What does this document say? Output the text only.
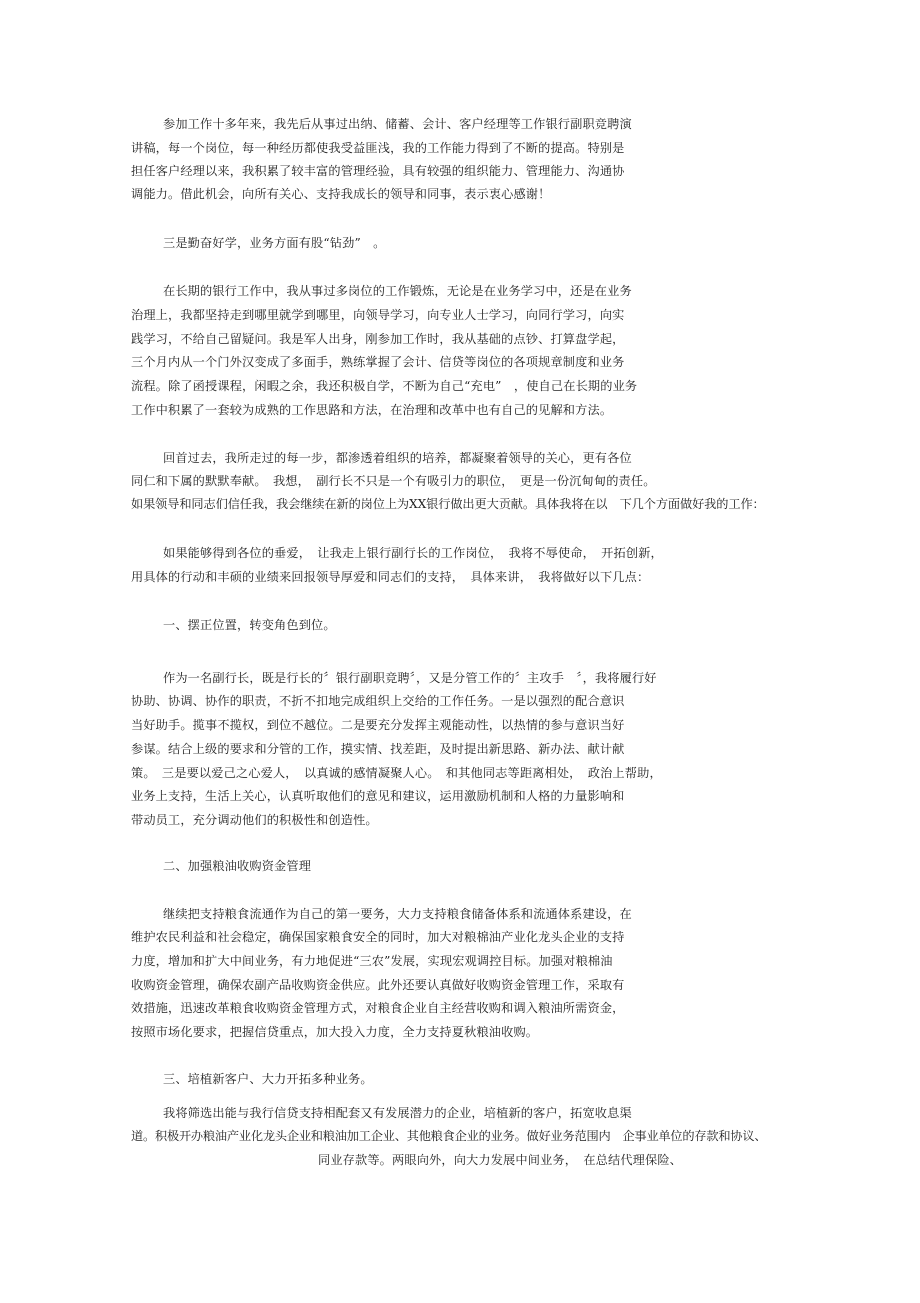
参加工作十多年来，我先后从事过出纳、储蓄、会计、客户经理等工作银行副职竞聘演
讲稿，每一个岗位，每一种经历都使我受益匪浅，我的工作能力得到了不断的提高。特别是
担任客户经理以来，我积累了较丰富的管理经验，具有较强的组织能力、管理能力、沟通协
调能力。借此机会，向所有关心、支持我成长的领导和同事，表示衷心感谢！
三是勤奋好学，业务方面有股“钻劲”　。
在长期的银行工作中，我从事过多岗位的工作锻炼，无论是在业务学习中，还是在业务
治理上，我都坚持走到哪里就学到哪里，向领导学习，向专业人士学习，向同行学习，向实
践学习，不给自己留疑问。我是军人出身，刚参加工作时，我从基础的点钞、打算盘学起，
三个月内从一个门外汉变成了多面手，熟练掌握了会计、信贷等岗位的各项规章制度和业务
流程。除了函授课程，闲暇之余，我还积极自学，不断为自己“充电”　，使自己在长期的业务
工作中积累了一套较为成熟的工作思路和方法，在治理和改革中也有自己的见解和方法。
回首过去，我所走过的每一步，都渗透着组织的培养，都凝聚着领导的关心，更有各位
同仁和下属的默默奉献。　我想，　副行长不只是一个有吸引力的职位，　更是一份沉甸甸的责任。
如果领导和同志们信任我，我会继续在新的岗位上为XX银行做出更大贡献。具体我将在以　下几个方面做好我的工作：
如果能够得到各位的垂爱，　让我走上银行副行长的工作岗位，　我将不辱使命，　开拓创新，
用具体的行动和丰硕的业绩来回报领导厚爱和同志们的支持，　具体来讲，　我将做好以下几点：
一、摆正位置，转变角色到位。
作为一名副行长，既是行长的〞银行副职竞聘〞，又是分管工作的〞主攻手　〞，我将履行好
协助、协调、协作的职责，不折不扣地完成组织上交给的工作任务。一是以强烈的配合意识
当好助手。揽事不揽权，到位不越位。二是要充分发挥主观能动性，以热情的参与意识当好
参谋。结合上级的要求和分管的工作，摸实情、找差距，及时提出新思路、新办法、献计献
策。　三是要以爱己之心爱人，　以真诚的感情凝聚人心。　和其他同志等距离相处，　政治上帮助，
业务上支持，生活上关心，认真听取他们的意见和建议，运用激励机制和人格的力量影响和
带动员工，充分调动他们的积极性和创造性。
二、加强粮油收购资金管理
继续把支持粮食流通作为自己的第一要务，大力支持粮食储备体系和流通体系建设，在
维护农民利益和社会稳定，确保国家粮食安全的同时，加大对粮棉油产业化龙头企业的支持
力度，增加和扩大中间业务，有力地促进“三农”发展，实现宏观调控目标。加强对粮棉油
收购资金管理，确保农副产品收购资金供应。此外还要认真做好收购资金管理工作，采取有
效措施，迅速改革粮食收购资金管理方式，对粮食企业自主经营收购和调入粮油所需资金，
按照市场化要求，把握信贷重点，加大投入力度，全力支持夏秋粮油收购。
三、培植新客户、大力开拓多种业务。
我将筛选出能与我行信贷支持相配套又有发展潜力的企业，培植新的客户，拓宽收息渠
道。积极开办粮油产业化龙头企业和粮油加工企业、其他粮食企业的业务。做好业务范围内　企事业单位的存款和协议、
同业存款等。两眼向外，向大力发展中间业务，　在总结代理保险、
